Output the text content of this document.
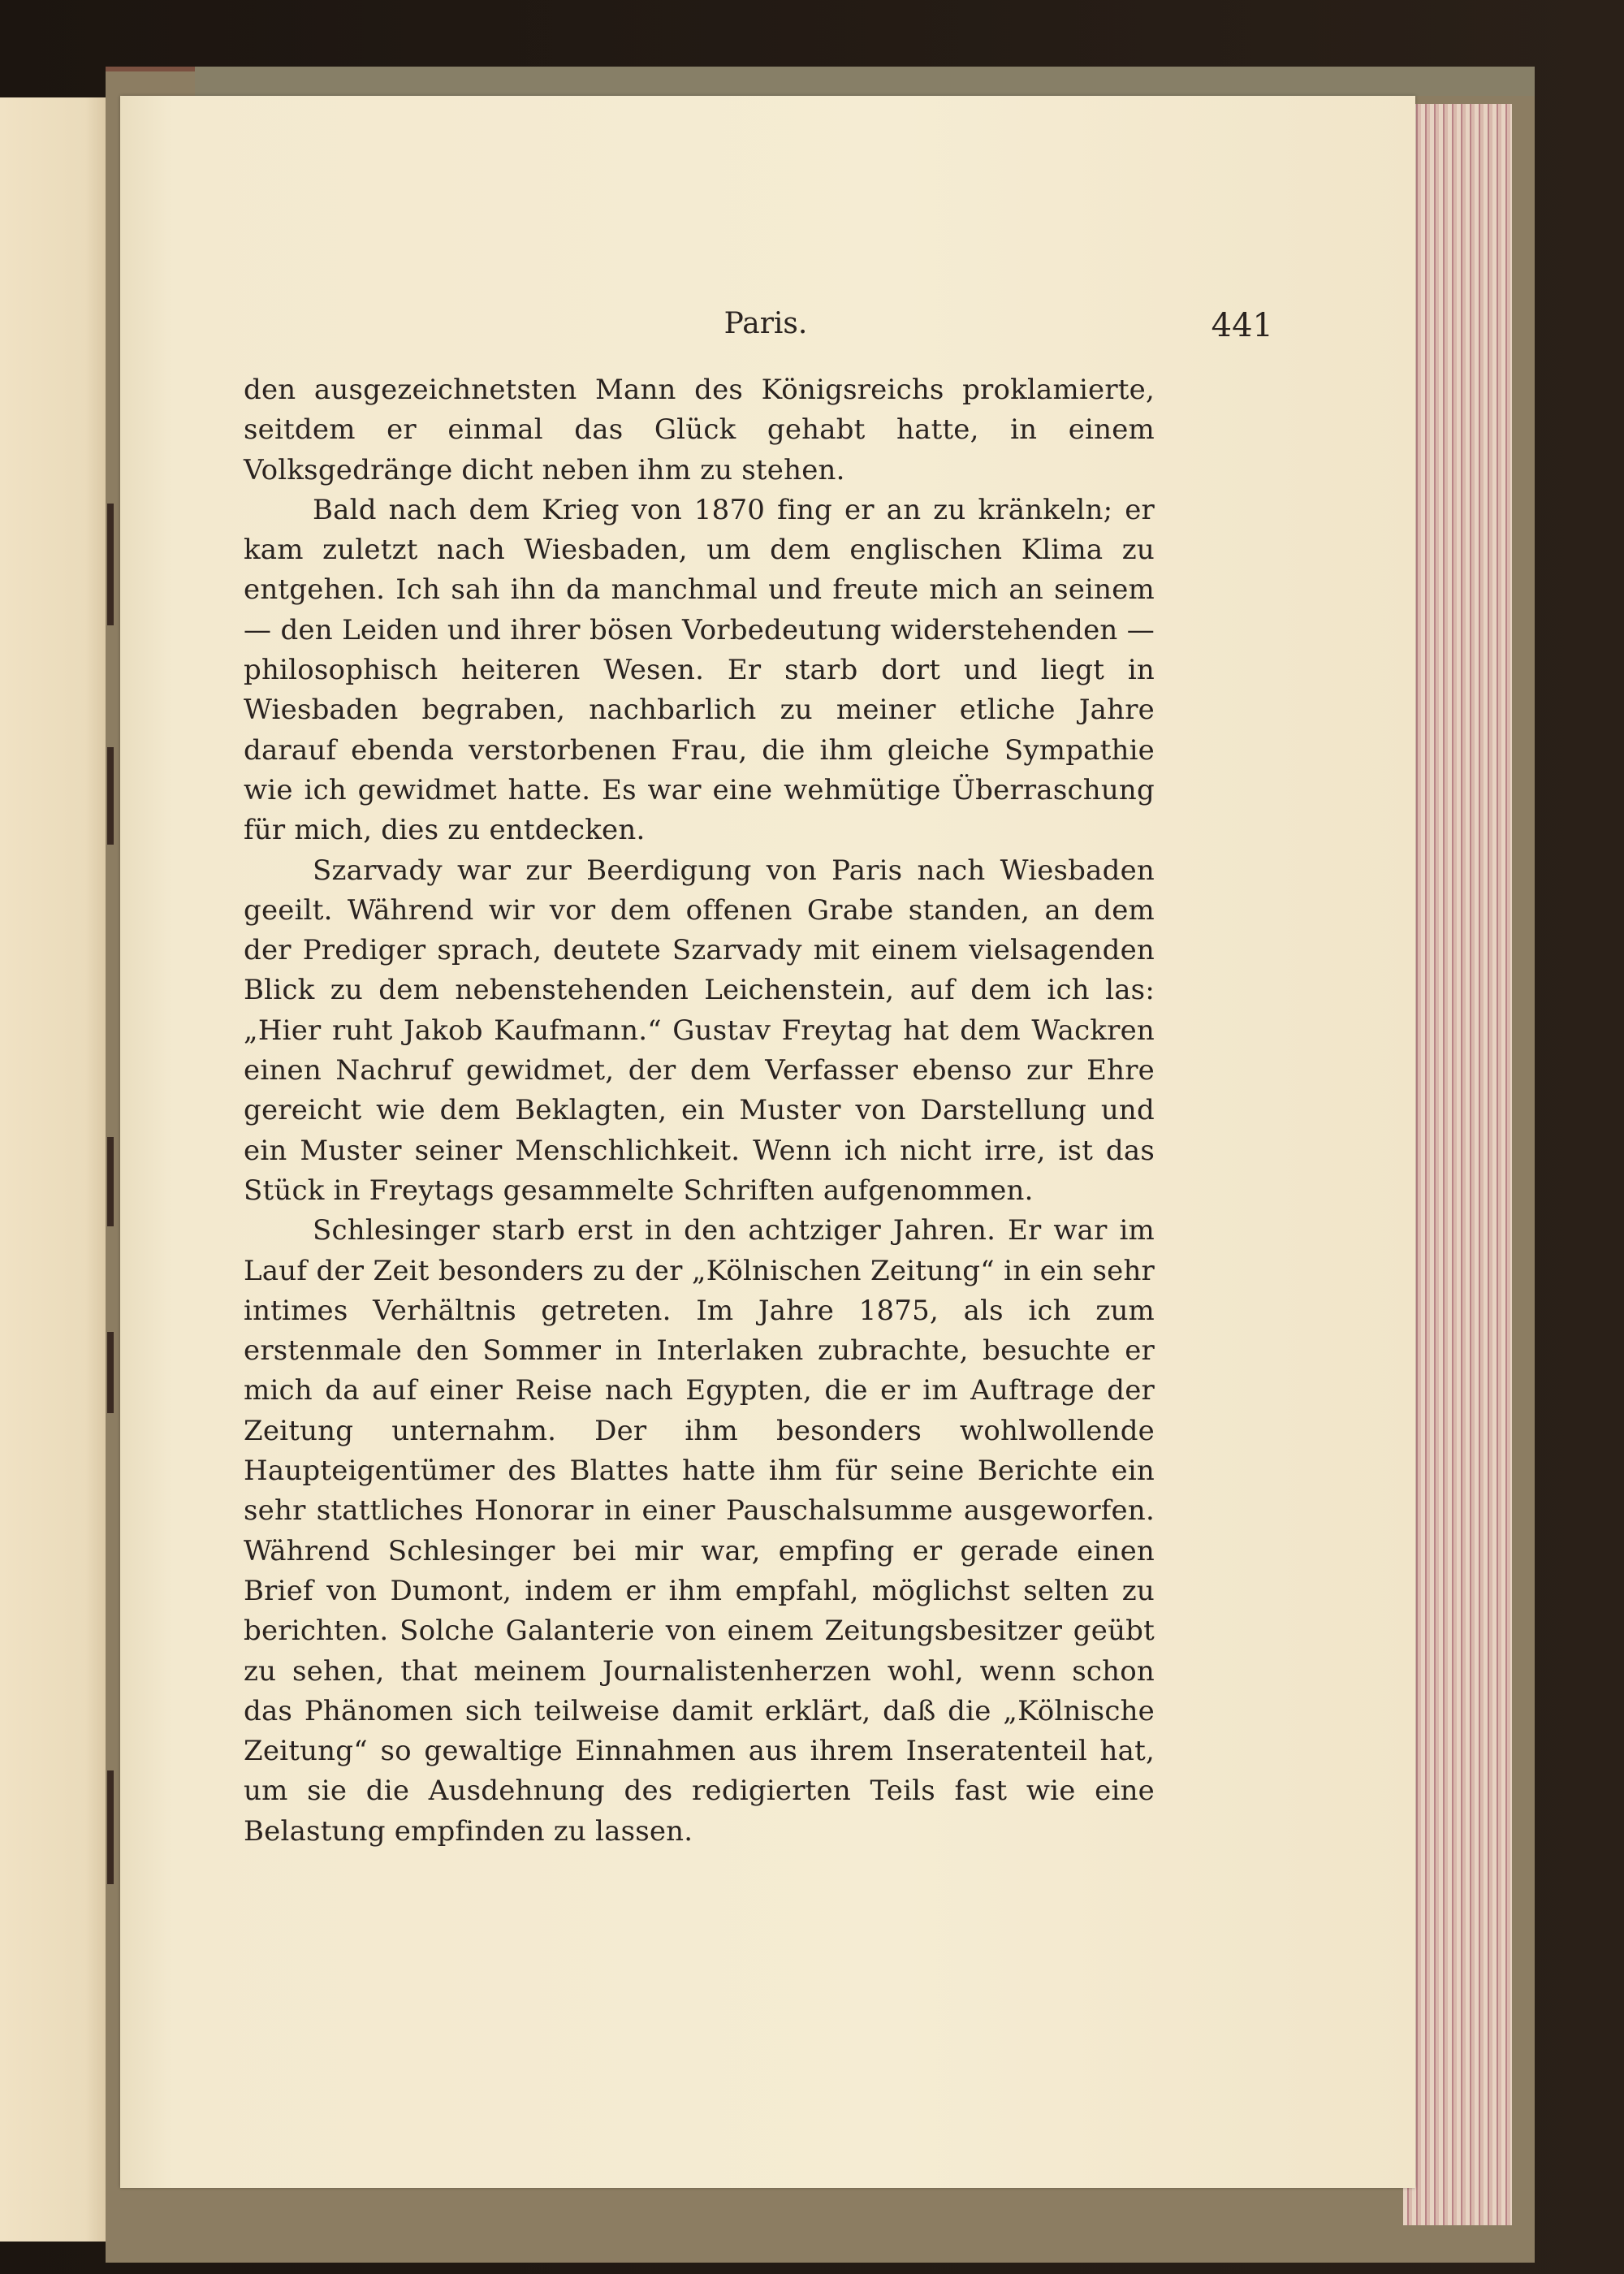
Paris.	441

den ausgezeichnetsten Mann des Königsreichs proklamierte, seitdem er einmal das Glück gehabt hatte, in einem Volksgedränge dicht neben ihm zu stehen.

Bald nach dem Krieg von 1870 fing er an zu kränkeln; er kam zuletzt nach Wiesbaden, um dem englischen Klima zu entgehen. Ich sah ihn da manchmal und freute mich an seinem — den Leiden und ihrer bösen Vorbedeutung widerstehenden — philosophisch heiteren Wesen. Er starb dort und liegt in Wiesbaden begraben, nachbarlich zu meiner etliche Jahre darauf ebenda verstorbenen Frau, die ihm gleiche Sympathie wie ich gewidmet hatte. Es war eine wehmütige Überraschung für mich, dies zu entdecken.

Szarvady war zur Beerdigung von Paris nach Wiesbaden geeilt. Während wir vor dem offenen Grabe standen, an dem der Prediger sprach, deutete Szarvady mit einem vielsagenden Blick zu dem nebenstehenden Leichenstein, auf dem ich las: „Hier ruht Jakob Kaufmann.“ Gustav Freytag hat dem Wackren einen Nachruf gewidmet, der dem Verfasser ebenso zur Ehre gereicht wie dem Beklagten, ein Muster von Darstellung und ein Muster seiner Menschlichkeit. Wenn ich nicht irre, ist das Stück in Freytags gesammelte Schriften aufgenommen.

Schlesinger starb erst in den achtziger Jahren. Er war im Lauf der Zeit besonders zu der „Kölnischen Zeitung“ in ein sehr intimes Verhältnis getreten. Im Jahre 1875, als ich zum erstenmale den Sommer in Interlaken zubrachte, besuchte er mich da auf einer Reise nach Egypten, die er im Auftrage der Zeitung unternahm. Der ihm besonders wohlwollende Haupteigentümer des Blattes hatte ihm für seine Berichte ein sehr stattliches Honorar in einer Pauschalsumme ausgeworfen. Während Schlesinger bei mir war, empfing er gerade einen Brief von Dumont, indem er ihm empfahl, möglichst selten zu berichten. Solche Galanterie von einem Zeitungsbesitzer geübt zu sehen, that meinem Journalistenherzen wohl, wenn schon das Phänomen sich teilweise damit erklärt, daß die „Kölnische Zeitung“ so gewaltige Einnahmen aus ihrem Inseratenteil hat, um sie die Ausdehnung des redigierten Teils fast wie eine Belastung empfinden zu lassen.
